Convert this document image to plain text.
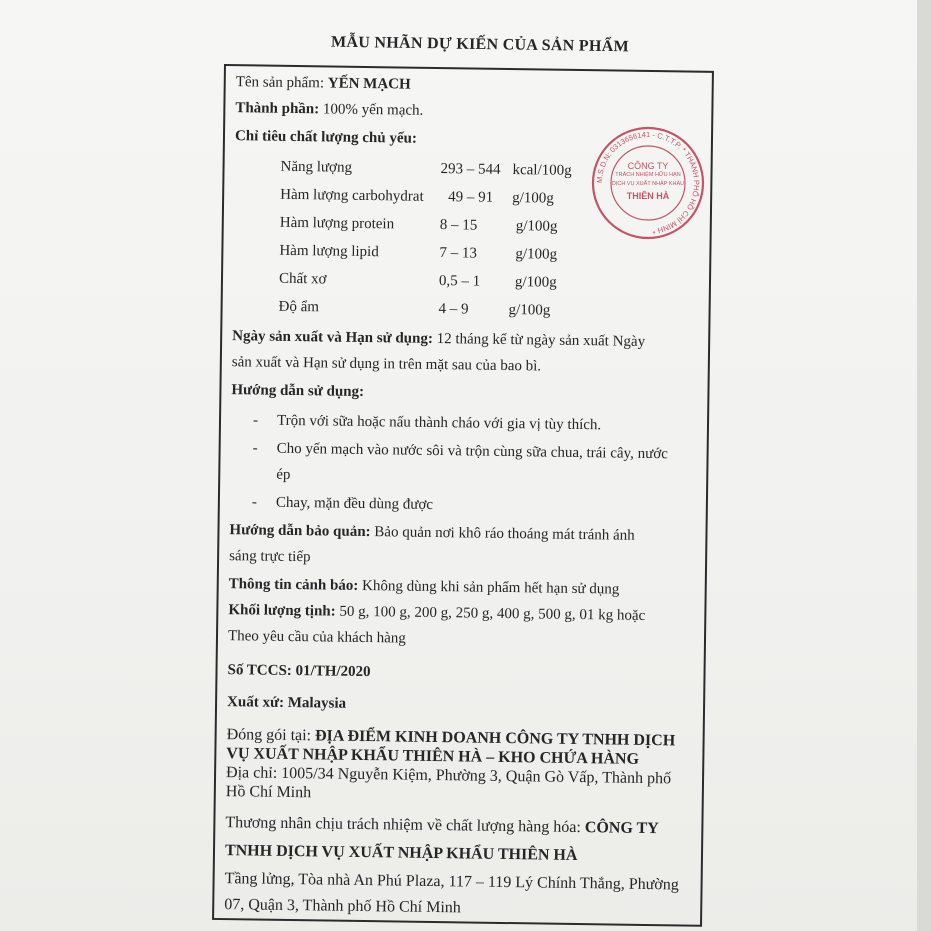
MẪU NHÃN DỰ KIẾN CỦA SẢN PHẨM
Tên sản phẩm: YẾN MẠCH
Thành phần: 100% yến mạch.
Chỉ tiêu chất lượng chủ yếu:
Năng lượng	293 – 544 kcal/100g
Hàm lượng carbohydrat 49 – 91 g/100g
Hàm lượng protein	8 – 15	g/100g
Hàm lượng lipid	7 – 13	g/100g
Chất xơ	0,5 – 1 g/100g
Độ ẩm	4 – 9	g/100g
Ngày sản xuất và Hạn sử dụng: 12 tháng kể từ ngày sản xuất Ngày
sản xuất và Hạn sử dụng in trên mặt sau của bao bì.
Hướng dẫn sử dụng:
- Trộn với sữa hoặc nấu thành cháo với gia vị tùy thích.
- Cho yến mạch vào nước sôi và trộn cùng sữa chua, trái cây, nước
ép
- Chay, mặn đều dùng được
Hướng dẫn bảo quản: Bảo quản nơi khô ráo thoáng mát tránh ánh
sáng trực tiếp
Thông tin cảnh báo: Không dùng khi sản phẩm hết hạn sử dụng
Khối lượng tịnh: 50 g, 100 g, 200 g, 250 g, 400 g, 500 g, 01 kg hoặc
Theo yêu cầu của khách hàng
Số TCCS: 01/TH/2020
Xuất xứ: Malaysia
Đóng gói tại: ĐỊA ĐIỂM KINH DOANH CÔNG TY TNHH DỊCH
VỤ XUẤT NHẬP KHẨU THIÊN HÀ – KHO CHỨA HÀNG
Địa chỉ: 1005/34 Nguyễn Kiệm, Phường 3, Quận Gò Vấp, Thành phố
Hồ Chí Minh
Thương nhân chịu trách nhiệm về chất lượng hàng hóa: CÔNG TY
TNHH DỊCH VỤ XUẤT NHẬP KHẨU THIÊN HÀ
Tầng lửng, Tòa nhà An Phú Plaza, 117 – 119 Lý Chính Thắng, Phường
07, Quận 3, Thành phố Hồ Chí Minh
M.S.D.N: 0313656141 - C.T.T.P. * THÀNH PHỐ HỒ CHÍ MINH *
CÔNG TY
TRÁCH NHIỆM HỮU HẠN
DỊCH VỤ XUẤT NHẬP KHẨU
THIÊN HÀ
